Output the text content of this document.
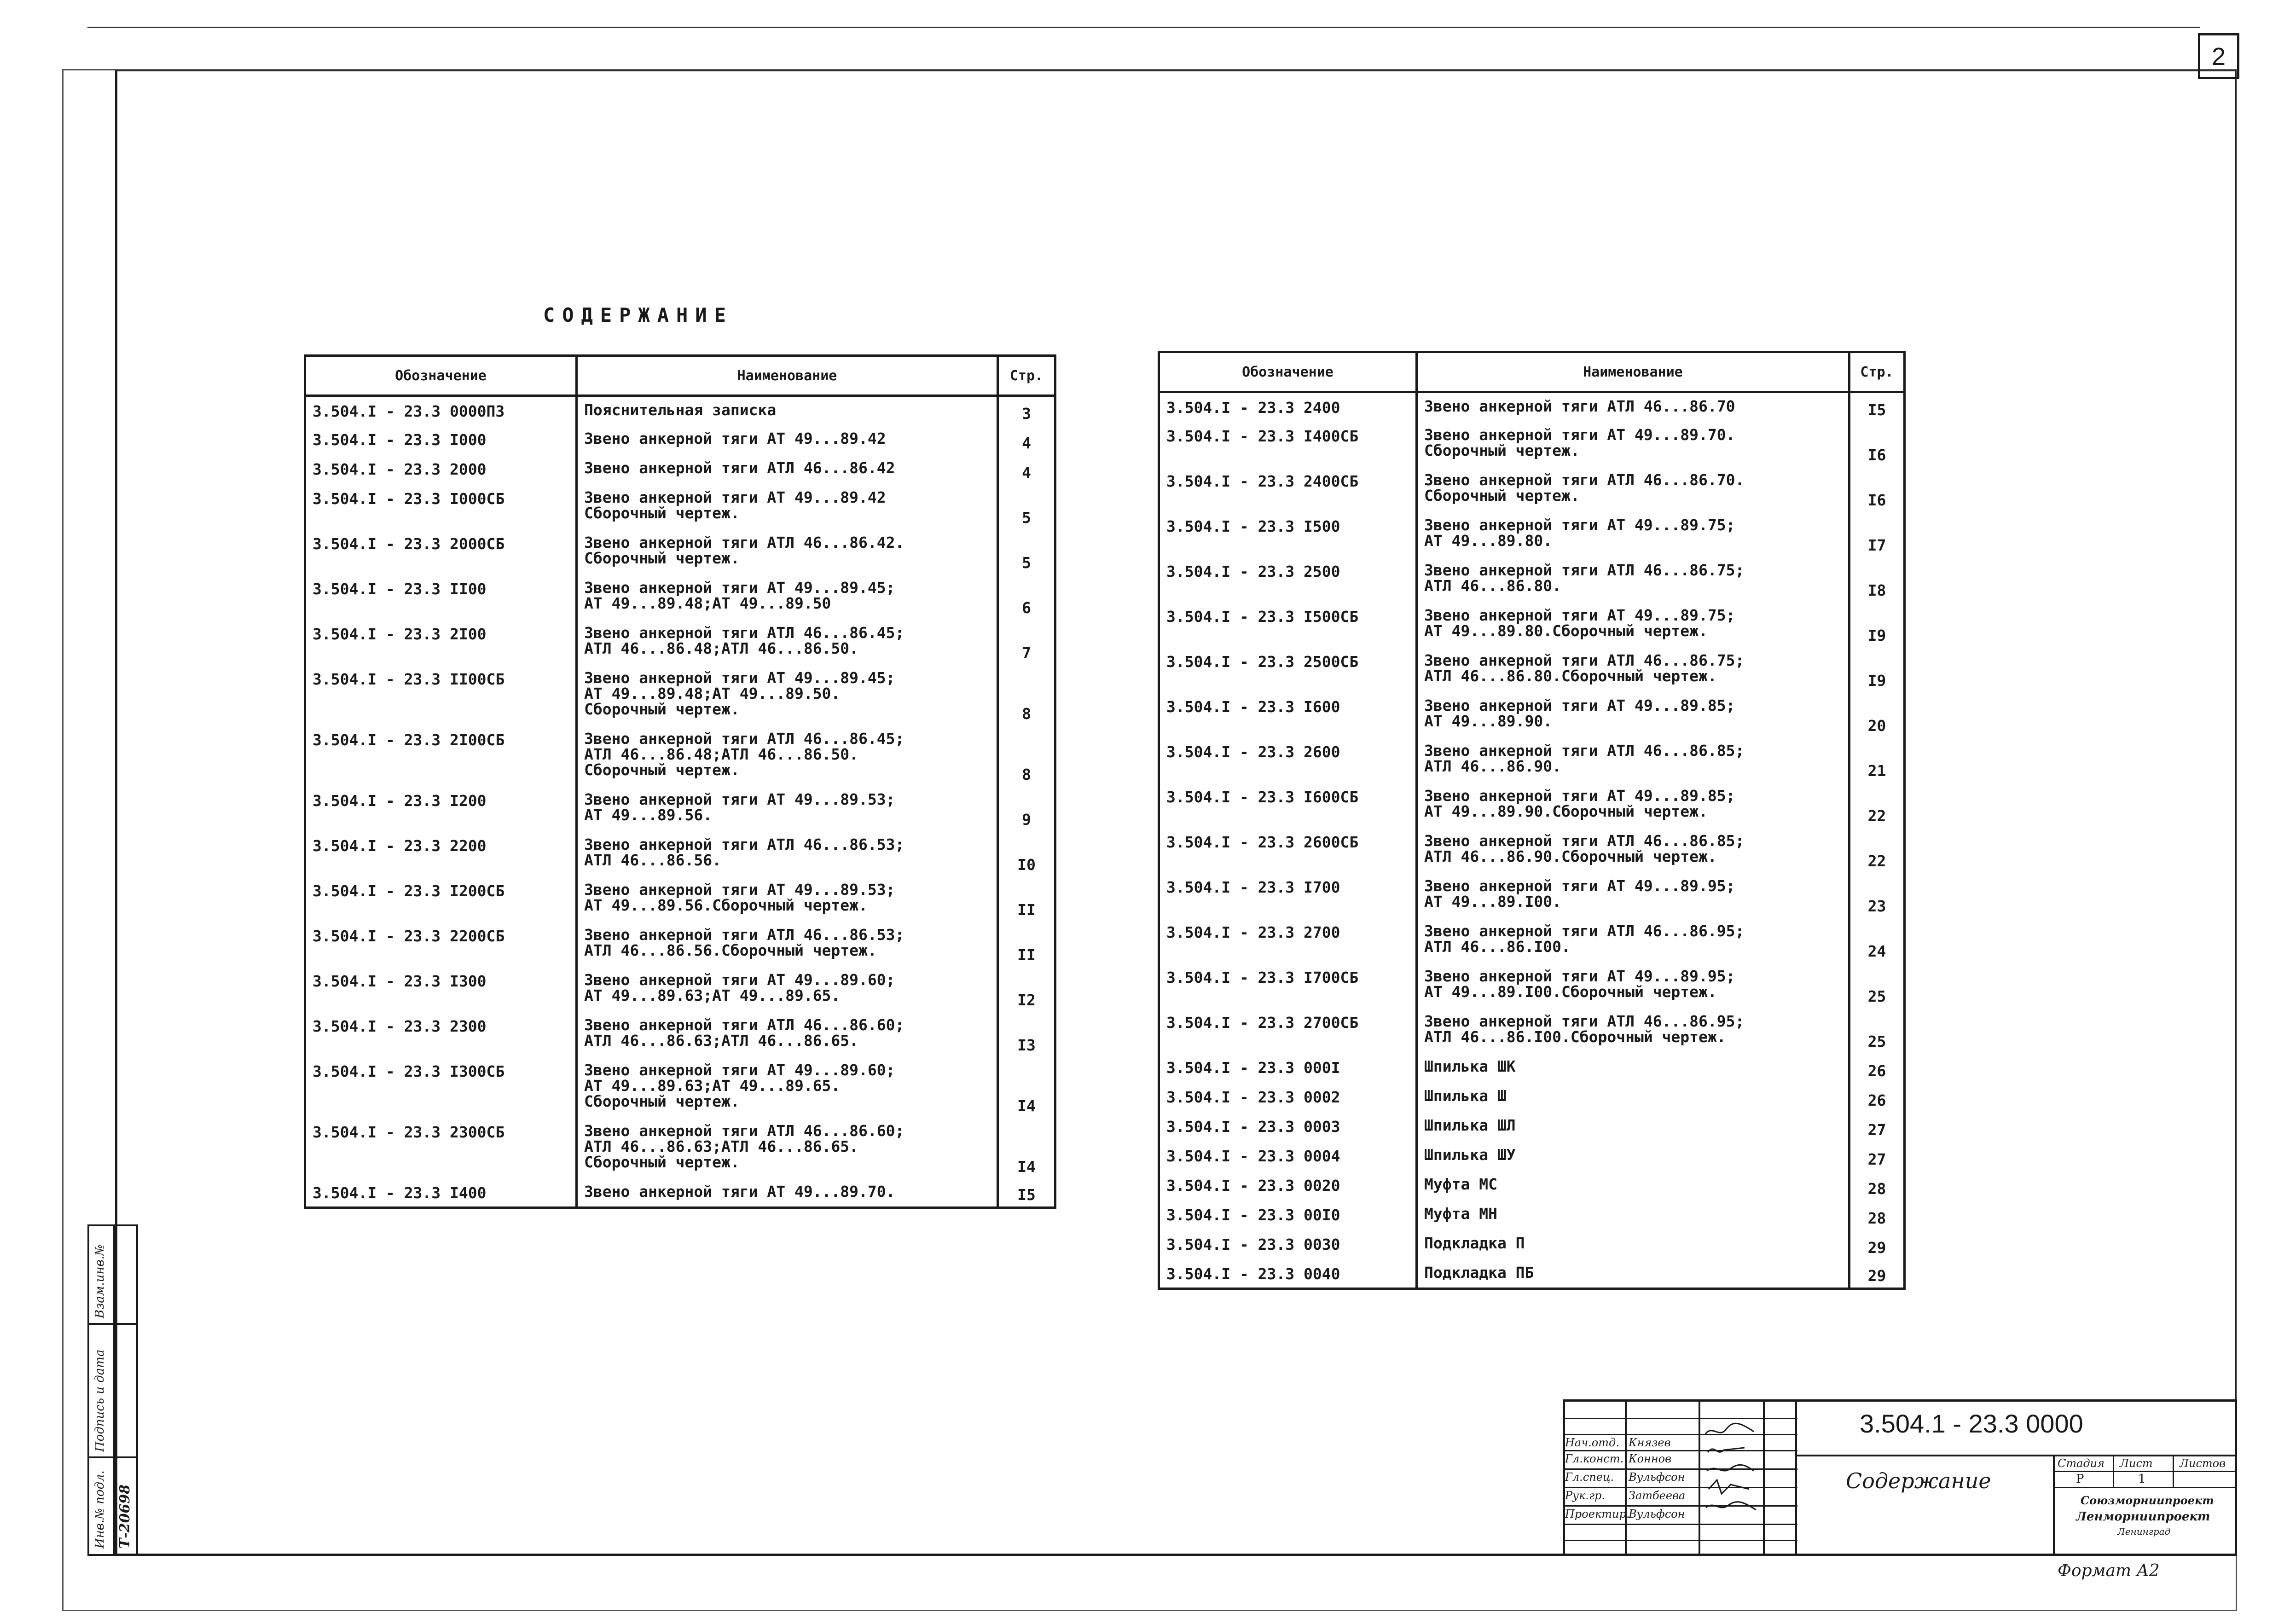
2
СОДЕРЖАНИЕ
Обозначение	Наименование	Стр.
3.504.I - 23.3 0000ПЗ	Пояснительная записка	3
3.504.I - 23.3 I000	Звено анкерной тяги АТ 49...89.42	4
3.504.I - 23.3 2000	Звено анкерной тяги АТЛ 46...86.42	4
3.504.I - 23.3 I000СБ	Звено анкерной тяги АТ 49...89.42
Сборочный чертеж.	5
3.504.I - 23.3 2000СБ	Звено анкерной тяги АТЛ 46...86.42.
Сборочный чертеж.	5
3.504.I - 23.3 II00	Звено анкерной тяги АТ 49...89.45;
АТ 49...89.48;АТ 49...89.50	6
3.504.I - 23.3 2I00	Звено анкерной тяги АТЛ 46...86.45;
АТЛ 46...86.48;АТЛ 46...86.50.	7
3.504.I - 23.3 II00СБ	Звено анкерной тяги АТ 49...89.45;
АТ 49...89.48;АТ 49...89.50.
Сборочный чертеж.	8
3.504.I - 23.3 2I00СБ	Звено анкерной тяги АТЛ 46...86.45;
АТЛ 46...86.48;АТЛ 46...86.50.
Сборочный чертеж.	8
3.504.I - 23.3 I200	Звено анкерной тяги АТ 49...89.53;
АТ 49...89.56.	9
3.504.I - 23.3 2200	Звено анкерной тяги АТЛ 46...86.53;
АТЛ 46...86.56.	I0
3.504.I - 23.3 I200СБ	Звено анкерной тяги АТ 49...89.53;
АТ 49...89.56.Сборочный чертеж.	II
3.504.I - 23.3 2200СБ	Звено анкерной тяги АТЛ 46...86.53;
АТЛ 46...86.56.Сборочный чертеж.	II
3.504.I - 23.3 I300	Звено анкерной тяги АТ 49...89.60;
АТ 49...89.63;АТ 49...89.65.	I2
3.504.I - 23.3 2300	Звено анкерной тяги АТЛ 46...86.60;
АТЛ 46...86.63;АТЛ 46...86.65.	I3
3.504.I - 23.3 I300СБ	Звено анкерной тяги АТ 49...89.60;
АТ 49...89.63;АТ 49...89.65.
Сборочный чертеж.	I4
3.504.I - 23.3 2300СБ	Звено анкерной тяги АТЛ 46...86.60;
АТЛ 46...86.63;АТЛ 46...86.65.
Сборочный чертеж.	I4
3.504.I - 23.3 I400	Звено анкерной тяги АТ 49...89.70.	I5
Обозначение	Наименование	Стр.
3.504.I - 23.3 2400	Звено анкерной тяги АТЛ 46...86.70	I5
3.504.I - 23.3 I400СБ	Звено анкерной тяги АТ 49...89.70.
Сборочный чертеж.	I6
3.504.I - 23.3 2400СБ	Звено анкерной тяги АТЛ 46...86.70.
Сборочный чертеж.	I6
3.504.I - 23.3 I500	Звено анкерной тяги АТ 49...89.75;
АТ 49...89.80.	I7
3.504.I - 23.3 2500	Звено анкерной тяги АТЛ 46...86.75;
АТЛ 46...86.80.	I8
3.504.I - 23.3 I500СБ	Звено анкерной тяги АТ 49...89.75;
АТ 49...89.80.Сборочный чертеж.	I9
3.504.I - 23.3 2500СБ	Звено анкерной тяги АТЛ 46...86.75;
АТЛ 46...86.80.Сборочный чертеж.	I9
3.504.I - 23.3 I600	Звено анкерной тяги АТ 49...89.85;
АТ 49...89.90.	20
3.504.I - 23.3 2600	Звено анкерной тяги АТЛ 46...86.85;
АТЛ 46...86.90.	21
3.504.I - 23.3 I600СБ	Звено анкерной тяги АТ 49...89.85;
АТ 49...89.90.Сборочный чертеж.	22
3.504.I - 23.3 2600СБ	Звено анкерной тяги АТЛ 46...86.85;
АТЛ 46...86.90.Сборочный чертеж.	22
3.504.I - 23.3 I700	Звено анкерной тяги АТ 49...89.95;
АТ 49...89.I00.	23
3.504.I - 23.3 2700	Звено анкерной тяги АТЛ 46...86.95;
АТЛ 46...86.I00.	24
3.504.I - 23.3 I700СБ	Звено анкерной тяги АТ 49...89.95;
АТ 49...89.I00.Сборочный чертеж.	25
3.504.I - 23.3 2700СБ	Звено анкерной тяги АТЛ 46...86.95;
АТЛ 46...86.I00.Сборочный чертеж.	25
3.504.I - 23.3 000I	Шпилька ШК	26
3.504.I - 23.3 0002	Шпилька Ш	26
3.504.I - 23.3 0003	Шпилька ШЛ	27
3.504.I - 23.3 0004	Шпилька ШУ	27
3.504.I - 23.3 0020	Муфта МС	28
3.504.I - 23.3 00I0	Муфта МН	28
3.504.I - 23.3 0030	Подкладка П	29
3.504.I - 23.3 0040	Подкладка ПБ	29
Взам.инв.№
Подпись и дата
Инв.№ подл. Т-20698
3.504.1 - 23.3 0000
Содержание
Нач.отд. Князев
Гл.конст. Коннов
Гл.спец. Вульфсон
Рук.гр. Затбеева
Проектир.
Вульфсон
Стадия Лист Листов
Р	1
Союзморниипроект
Ленморниипроект
Ленинград
Формат А2
